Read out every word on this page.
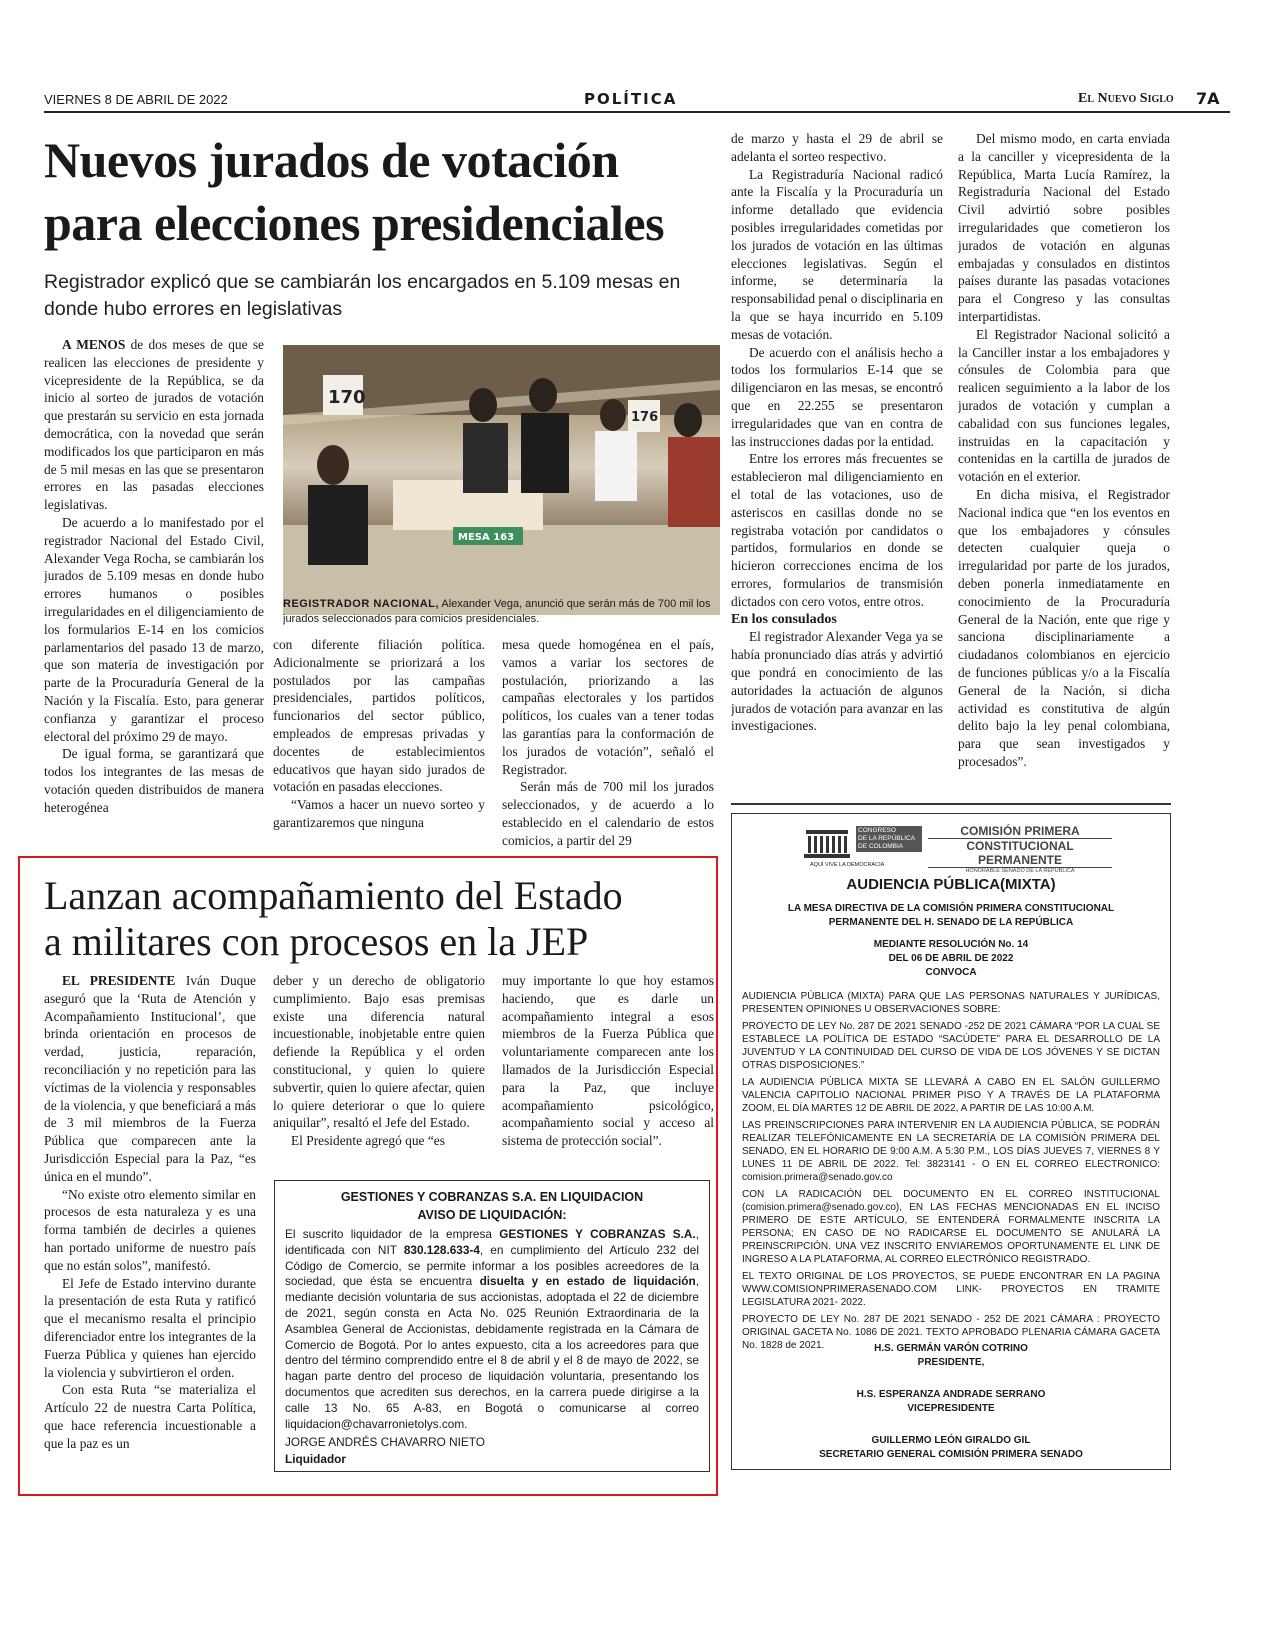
VIERNES 8 DE ABRIL DE 2022	POLÍTICA	El Nuevo Siglo 7A
Nuevos jurados de votación
para elecciones presidenciales
Registrador explicó que se cambiarán los encargados en 5.109 mesas en
donde hubo errores en legislativas

A MENOS de dos meses de que se realicen las elecciones de presidente y vicepresidente de la República, se da inicio al sorteo de jurados de votación que prestarán su servicio en esta jornada democrática, con la novedad que serán modificados los que participaron en más de 5 mil mesas en las que se presentaron errores en las pasadas elecciones legislativas.

De acuerdo a lo manifestado por el registrador Nacional del Estado Civil, Alexander Vega Rocha, se cambiarán los jurados de 5.109 mesas en donde hubo errores humanos o posibles irregularidades en el diligenciamiento de los formularios E-14 en los comicios parlamentarios del pasado 13 de marzo, que son materia de investigación por parte de la Procuraduría General de la Nación y la Fiscalía. Esto, para generar confianza y garantizar el proceso electoral del próximo 29 de mayo.

De igual forma, se garantizará que todos los integrantes de las mesas de votación queden distribuidos de manera heterogénea

170
176
MESA 163
REGISTRADOR NACIONAL, Alexander Vega, anunció que serán más de 700 mil los jurados seleccionados para comicios presidenciales.

con diferente filiación política. Adicionalmente se priorizará a los postulados por las campañas presidenciales, partidos políticos, funcionarios del sector público, empleados de empresas privadas y docentes de establecimientos educativos que hayan sido jurados de votación en pasadas elecciones.

“Vamos a hacer un nuevo sorteo y garantizaremos que ninguna

mesa quede homogénea en el país, vamos a variar los sectores de postulación, priorizando a las campañas electorales y los partidos políticos, los cuales van a tener todas las garantías para la conformación de los jurados de votación”, señaló el Registrador.

Serán más de 700 mil los jurados seleccionados, y de acuerdo a lo establecido en el calendario de estos comicios, a partir del 29

de marzo y hasta el 29 de abril se adelanta el sorteo respectivo.

La Registraduría Nacional radicó ante la Fiscalía y la Procuraduría un informe detallado que evidencia posibles irregularidades cometidas por los jurados de votación en las últimas elecciones legislativas. Según el informe, se determinaría la responsabilidad penal o disciplinaria en la que se haya incurrido en 5.109 mesas de votación.

De acuerdo con el análisis hecho a todos los formularios E-14 que se diligenciaron en las mesas, se encontró que en 22.255 se presentaron irregularidades que van en contra de las instrucciones dadas por la entidad.

Entre los errores más frecuentes se establecieron mal diligenciamiento en el total de las votaciones, uso de asteriscos en casillas donde no se registraba votación por candidatos o partidos, formularios en donde se hicieron correcciones encima de los errores, formularios de transmisión dictados con cero votos, entre otros.

En los consulados

El registrador Alexander Vega ya se había pronunciado días atrás y advirtió que pondrá en conocimiento de las autoridades la actuación de algunos jurados de votación para avanzar en las investigaciones.

Del mismo modo, en carta enviada a la canciller y vicepresidenta de la República, Marta Lucía Ramírez, la Registraduría Nacional del Estado Civil advirtió sobre posibles irregularidades que cometieron los jurados de votación en algunas embajadas y consulados en distintos países durante las pasadas votaciones para el Congreso y las consultas interpartidistas.

El Registrador Nacional solicitó a la Canciller instar a los embajadores y cónsules de Colombia para que realicen seguimiento a la labor de los jurados de votación y cumplan a cabalidad con sus funciones legales, instruidas en la capacitación y contenidas en la cartilla de jurados de votación en el exterior.

En dicha misiva, el Registrador Nacional indica que “en los eventos en que los embajadores y cónsules detecten cualquier queja o irregularidad por parte de los jurados, deben ponerla inmediatamente en conocimiento de la Procuraduría General de la Nación, ente que rige y sanciona disciplinariamente a ciudadanos colombianos en ejercicio de funciones públicas y/o a la Fiscalía General de la Nación, si dicha actividad es constitutiva de algún delito bajo la ley penal colombiana, para que sean investigados y procesados”.

Lanzan acompañamiento del Estado
a militares con procesos en la JEP

EL PRESIDENTE Iván Duque aseguró que la ‘Ruta de Atención y Acompañamiento Institucional’, que brinda orientación en procesos de verdad, justicia, reparación, reconciliación y no repetición para las víctimas de la violencia y responsables de la violencia, y que beneficiará a más de 3 mil miembros de la Fuerza Pública que comparecen ante la Jurisdicción Especial para la Paz, “es única en el mundo”.

“No existe otro elemento similar en procesos de esta naturaleza y es una forma también de decirles a quienes han portado uniforme de nuestro país que no están solos”, manifestó.

El Jefe de Estado intervino durante la presentación de esta Ruta y ratificó que el mecanismo resalta el principio diferenciador entre los integrantes de la Fuerza Pública y quienes han ejercido la violencia y subvirtieron el orden.

Con esta Ruta “se materializa el Artículo 22 de nuestra Carta Política, que hace referencia incuestionable a que la paz es un

deber y un derecho de obligatorio cumplimiento. Bajo esas premisas existe una diferencia natural incuestionable, inobjetable entre quien defiende la República y el orden constitucional, y quien lo quiere subvertir, quien lo quiere afectar, quien lo quiere deteriorar o que lo quiere aniquilar”, resaltó el Jefe del Estado.

El Presidente agregó que “es

muy importante lo que hoy estamos haciendo, que es darle un acompañamiento integral a esos miembros de la Fuerza Pública que voluntariamente comparecen ante los llamados de la Jurisdicción Especial para la Paz, que incluye acompañamiento psicológico, acompañamiento social y acceso al sistema de protección social”.

GESTIONES Y COBRANZAS S.A. EN LIQUIDACION
AVISO DE LIQUIDACIÓN:
El suscrito liquidador de la empresa GESTIONES Y COBRANZAS S.A., identificada con NIT 830.128.633-4, en cumplimiento del Artículo 232 del Código de Comercio, se permite informar a los posibles acreedores de la sociedad, que ésta se encuentra disuelta y en estado de liquidación, mediante decisión voluntaria de sus accionistas, adoptada el 22 de diciembre de 2021, según consta en Acta No. 025 Reunión Extraordinaria de la Asamblea General de Accionistas, debidamente registrada en la Cámara de Comercio de Bogotá. Por lo antes expuesto, cita a los acreedores para que dentro del término comprendido entre el 8 de abril y el 8 de mayo de 2022, se hagan parte dentro del proceso de liquidación voluntaria, presentando los documentos que acrediten sus derechos, en la carrera puede dirigirse a la calle 13 No. 65 A-83, en Bogotá o comunicarse al correo liquidacion@chavarronietolys.com.
JORGE ANDRÉS CHAVARRO NIETO
Liquidador
CONGRESO
DE LA REPÚBLICA
DE COLOMBIA
AQUÍ VIVE LA DEMOCRACIA
COMISIÓN PRIMERA
CONSTITUCIONAL PERMANENTE
HONORABLE SENADO DE LA REPÚBLICA
AUDIENCIA PÚBLICA(MIXTA)
LA MESA DIRECTIVA DE LA COMISIÓN PRIMERA CONSTITUCIONAL
PERMANENTE DEL H. SENADO DE LA REPÚBLICA
MEDIANTE RESOLUCIÓN No. 14
DEL 06 DE ABRIL DE 2022
CONVOCA

AUDIENCIA PÚBLICA (MIXTA) PARA QUE LAS PERSONAS NATURALES Y JURÍDICAS, PRESENTEN OPINIONES U OBSERVACIONES SOBRE:

PROYECTO DE LEY No. 287 DE 2021 SENADO -252 DE 2021 CÁMARA “POR LA CUAL SE ESTABLECE LA POLÍTICA DE ESTADO “SACÚDETE” PARA EL DESARROLLO DE LA JUVENTUD Y LA CONTINUIDAD DEL CURSO DE VIDA DE LOS JÓVENES Y SE DICTAN OTRAS DISPOSICIONES.”

LA AUDIENCIA PÚBLICA MIXTA SE LLEVARÁ A CABO EN EL SALÓN GUILLERMO VALENCIA CAPITOLIO NACIONAL PRIMER PISO Y A TRAVÉS DE LA PLATAFORMA ZOOM, EL DÍA MARTES 12 DE ABRIL DE 2022, A PARTIR DE LAS 10:00 A.M.

LAS PREINSCRIPCIONES PARA INTERVENIR EN LA AUDIENCIA PÚBLICA, SE PODRÁN REALIZAR TELEFÓNICAMENTE EN LA SECRETARÍA DE LA COMISIÓN PRIMERA DEL SENADO, EN EL HORARIO DE 9:00 A.M. A 5:30 P.M., LOS DÍAS JUEVES 7, VIERNES 8 Y LUNES 11 DE ABRIL DE 2022. Tel: 3823141 - O EN EL CORREO ELECTRONICO: comision.primera@senado.gov.co

CON LA RADICACIÓN DEL DOCUMENTO EN EL CORREO INSTITUCIONAL (comision.primera@senado.gov.co), EN LAS FECHAS MENCIONADAS EN EL INCISO PRIMERO DE ESTE ARTÍCULO, SE ENTENDERÁ FORMALMENTE INSCRITA LA PERSONA; EN CASO DE NO RADICARSE EL DOCUMENTO SE ANULARÁ LA PREINSCRIPCIÓN. UNA VEZ INSCRITO ENVIAREMOS OPORTUNAMENTE EL LINK DE INGRESO A LA PLATAFORMA, AL CORREO ELECTRÓNICO REGISTRADO.

EL TEXTO ORIGINAL DE LOS PROYECTOS, SE PUEDE ENCONTRAR EN LA PAGINA WWW.COMISIONPRIMERASENADO.COM LINK- PROYECTOS EN TRAMITE LEGISLATURA 2021- 2022.

PROYECTO DE LEY No. 287 DE 2021 SENADO - 252 DE 2021 CÁMARA : PROYECTO ORIGINAL GACETA No. 1086 DE 2021. TEXTO APROBADO PLENARIA CÁMARA GACETA No. 1828 de 2021.	H.S. GERMÁN VARÓN COTRINO
PRESIDENTE,
H.S. ESPERANZA ANDRADE SERRANO
VICEPRESIDENTE
GUILLERMO LEÓN GIRALDO GIL
SECRETARIO GENERAL COMISIÓN PRIMERA SENADO
